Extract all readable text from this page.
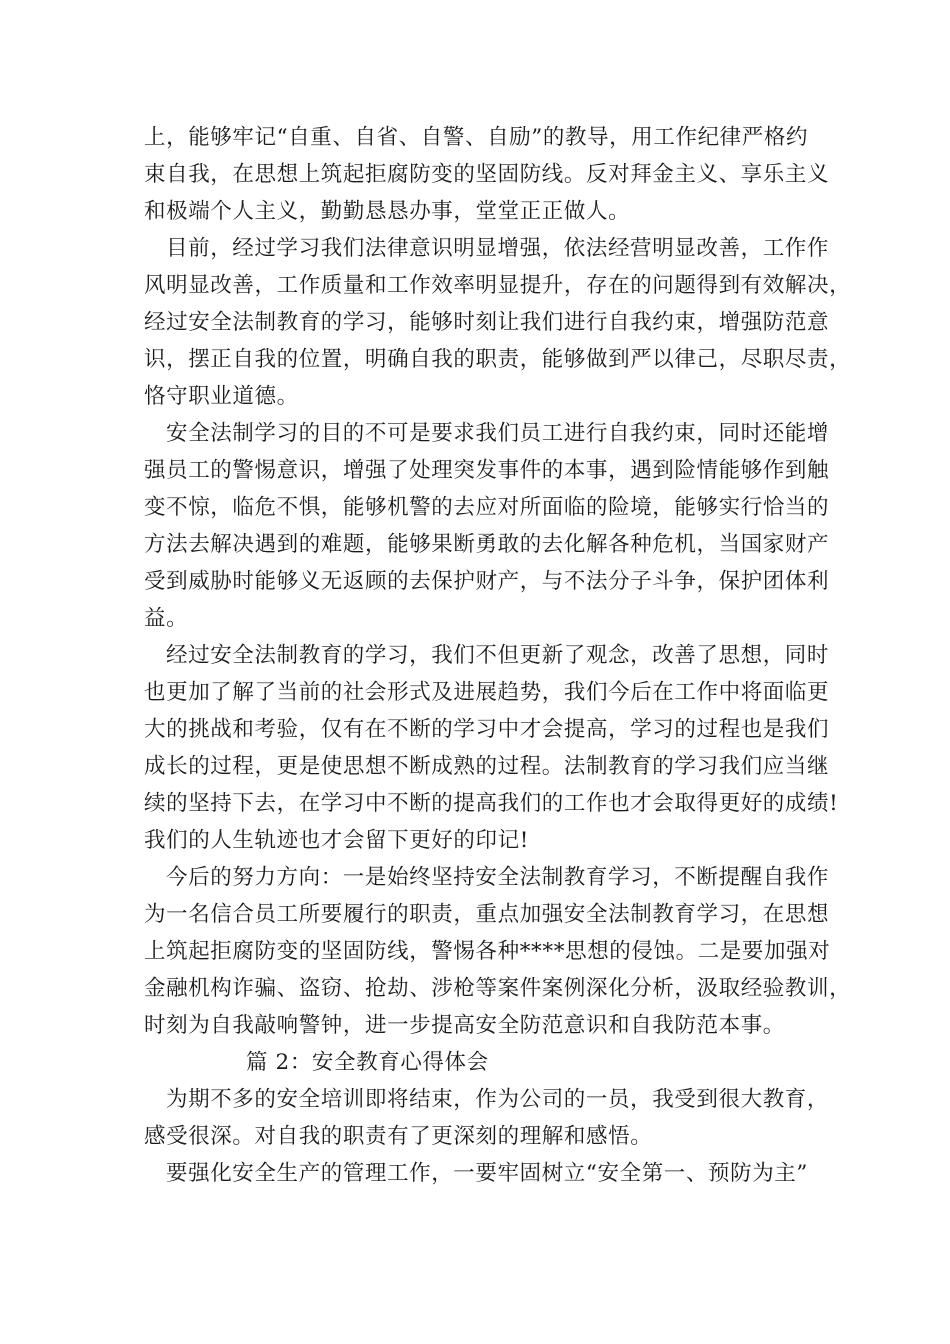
上，能够牢记“自重、自省、自警、自励”的教导，用工作纪律严格约
束自我，在思想上筑起拒腐防变的坚固防线。反对拜金主义、享乐主义
和极端个人主义，勤勤恳恳办事，堂堂正正做人。
目前，经过学习我们法律意识明显增强，依法经营明显改善，工作作
风明显改善，工作质量和工作效率明显提升，存在的问题得到有效解决，
经过安全法制教育的学习，能够时刻让我们进行自我约束，增强防范意
识，摆正自我的位置，明确自我的职责，能够做到严以律己，尽职尽责，
恪守职业道德。
安全法制学习的目的不可是要求我们员工进行自我约束，同时还能增
强员工的警惕意识，增强了处理突发事件的本事，遇到险情能够作到触
变不惊，临危不惧，能够机警的去应对所面临的险境，能够实行恰当的
方法去解决遇到的难题，能够果断勇敢的去化解各种危机，当国家财产
受到威胁时能够义无返顾的去保护财产，与不法分子斗争，保护团体利
益。
经过安全法制教育的学习，我们不但更新了观念，改善了思想，同时
也更加了解了当前的社会形式及进展趋势，我们今后在工作中将面临更
大的挑战和考验，仅有在不断的学习中才会提高，学习的过程也是我们
成长的过程，更是使思想不断成熟的过程。法制教育的学习我们应当继
续的坚持下去，在学习中不断的提高我们的工作也才会取得更好的成绩!
我们的人生轨迹也才会留下更好的印记!
今后的努力方向：一是始终坚持安全法制教育学习，不断提醒自我作
为一名信合员工所要履行的职责，重点加强安全法制教育学习，在思想
上筑起拒腐防变的坚固防线，警惕各种****思想的侵蚀。二是要加强对
金融机构诈骗、盗窃、抢劫、涉枪等案件案例深化分析，汲取经验教训，
时刻为自我敲响警钟，进一步提高安全防范意识和自我防范本事。
篇 2：安全教育心得体会
为期不多的安全培训即将结束，作为公司的一员，我受到很大教育，
感受很深。对自我的职责有了更深刻的理解和感悟。
要强化安全生产的管理工作，一要牢固树立“安全第一、预防为主”
